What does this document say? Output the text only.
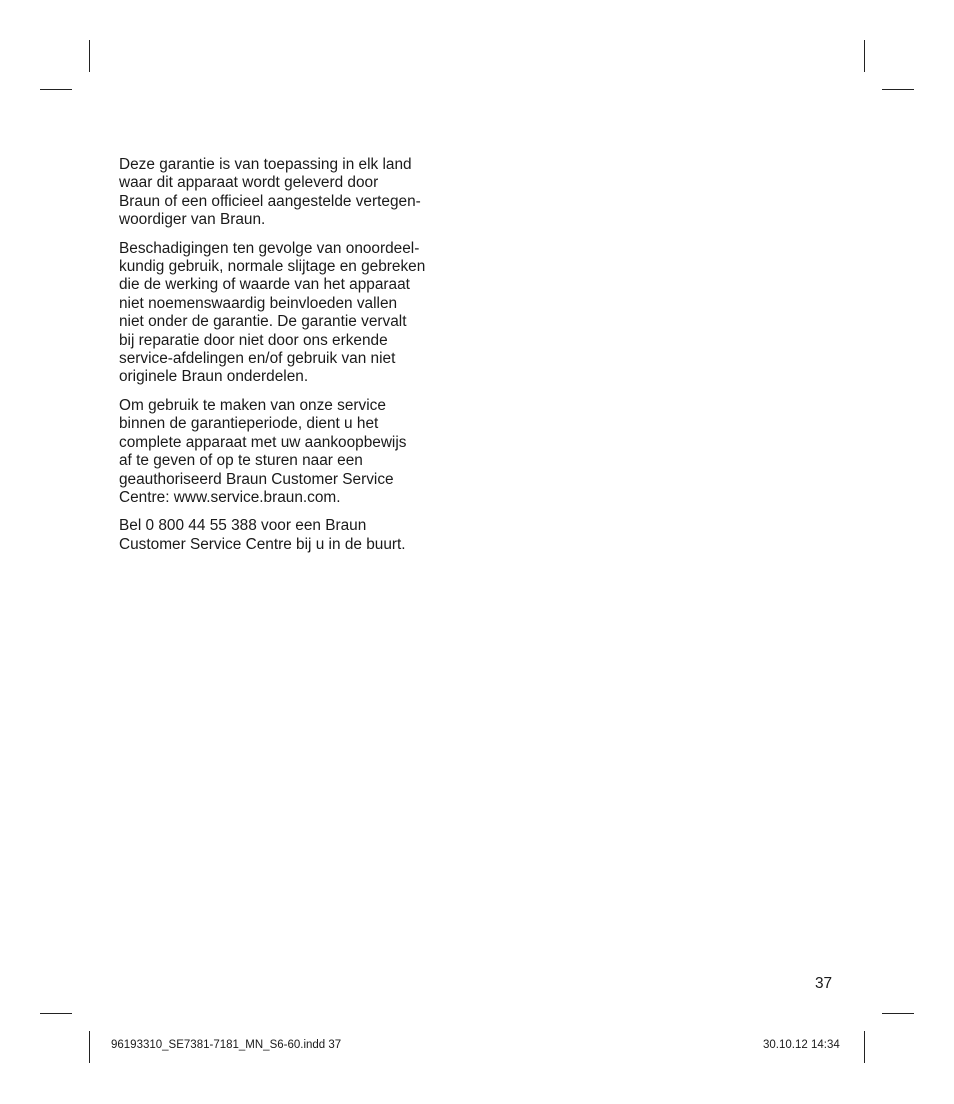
Deze garantie is van toepassing in elk land
waar dit apparaat wordt geleverd door
Braun of een officieel aangestelde vertegen-
woordiger van Braun.

Beschadigingen ten gevolge van onoordeel-
kundig gebruik, normale slijtage en gebreken
die de werking of waarde van het apparaat
niet noemenswaardig beinvloeden vallen
niet onder de garantie. De garantie vervalt
bij reparatie door niet door ons erkende
service-afdelingen en/of gebruik van niet
originele Braun onderdelen.

Om gebruik te maken van onze service
binnen de garantieperiode, dient u het
complete apparaat met uw aankoopbewijs
af te geven of op te sturen naar een
geauthoriseerd Braun Customer Service
Centre: www.service.braun.com.

Bel 0 800 44 55 388 voor een Braun
Customer Service Centre bij u in de buurt.

37
96193310_SE7381-7181_MN_S6-60.indd 37	30.10.12 14:34
